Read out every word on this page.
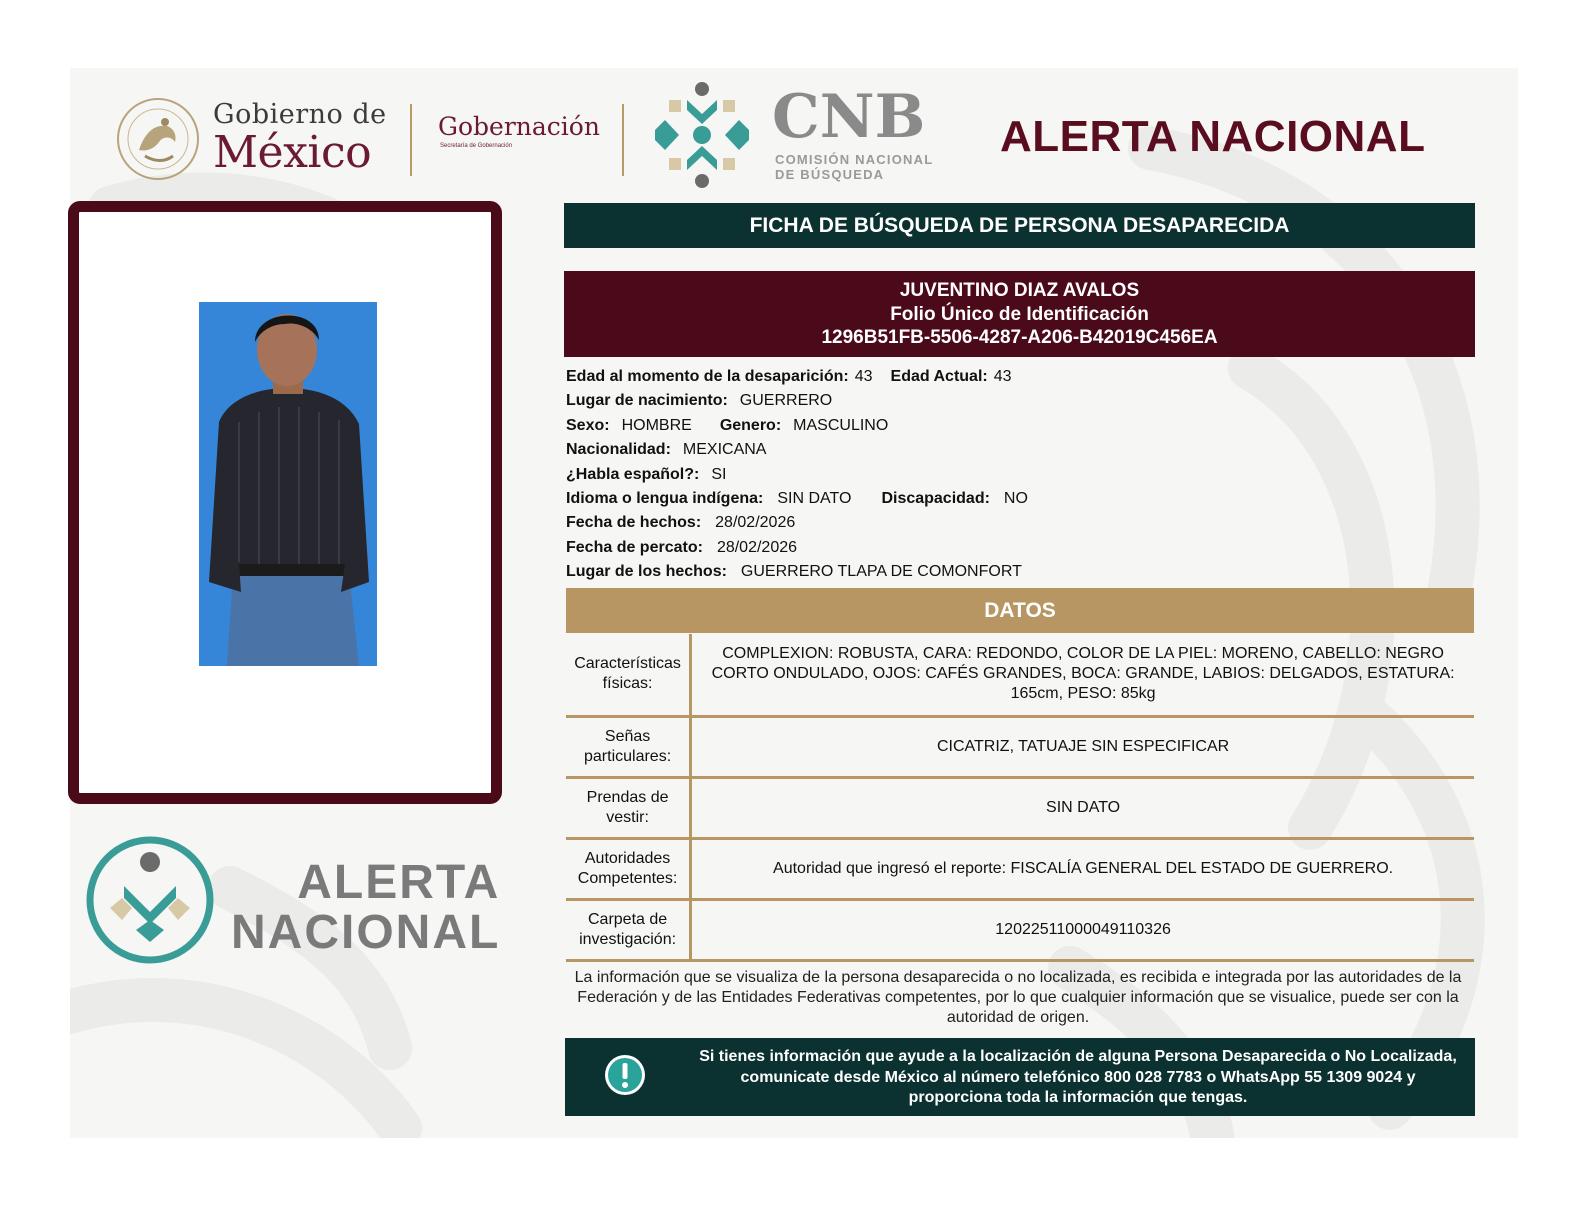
Gobierno de
México
Gobernación
Secretaría de Gobernación	CNB
COMISIÓN NACIONAL
DE BÚSQUEDA
ALERTA NACIONAL
ALERTA
NACIONAL
FICHA DE BÚSQUEDA DE PERSONA DESAPARECIDA
JUVENTINO DIAZ AVALOS
Folio Único de Identificación
1296B51FB-5506-4287-A206-B42019C456EA
Edad al momento de la desaparición: 43 Edad Actual: 43
Lugar de nacimiento: GUERRERO
Sexo: HOMBRE Genero: MASCULINO
Nacionalidad: MEXICANA
¿Habla español?: SI
Idioma o lengua indígena: SIN DATO Discapacidad: NO
Fecha de hechos: 28/02/2026
Fecha de percato: 28/02/2026
Lugar de los hechos: GUERRERO TLAPA DE COMONFORT
DATOS
Características físicas:	COMPLEXION: ROBUSTA, CARA: REDONDO, COLOR DE LA PIEL: MORENO, CABELLO: NEGRO CORTO ONDULADO, OJOS: CAFÉS GRANDES, BOCA: GRANDE, LABIOS: DELGADOS, ESTATURA: 165cm, PESO: 85kg
Señas particulares:	CICATRIZ, TATUAJE SIN ESPECIFICAR
Prendas de vestir:	SIN DATO
Autoridades Competentes:	Autoridad que ingresó el reporte: FISCALÍA GENERAL DEL ESTADO DE GUERRERO.
Carpeta de investigación:	12022511000049110326
La información que se visualiza de la persona desaparecida o no localizada, es recibida e integrada por las autoridades de la Federación y de las Entidades Federativas competentes, por lo que cualquier información que se visualice, puede ser con la autoridad de origen.
Si tienes información que ayude a la localización de alguna Persona Desaparecida o No Localizada, comunicate desde México al número telefónico 800 028 7783 o WhatsApp 55 1309 9024 y proporciona toda la información que tengas.
